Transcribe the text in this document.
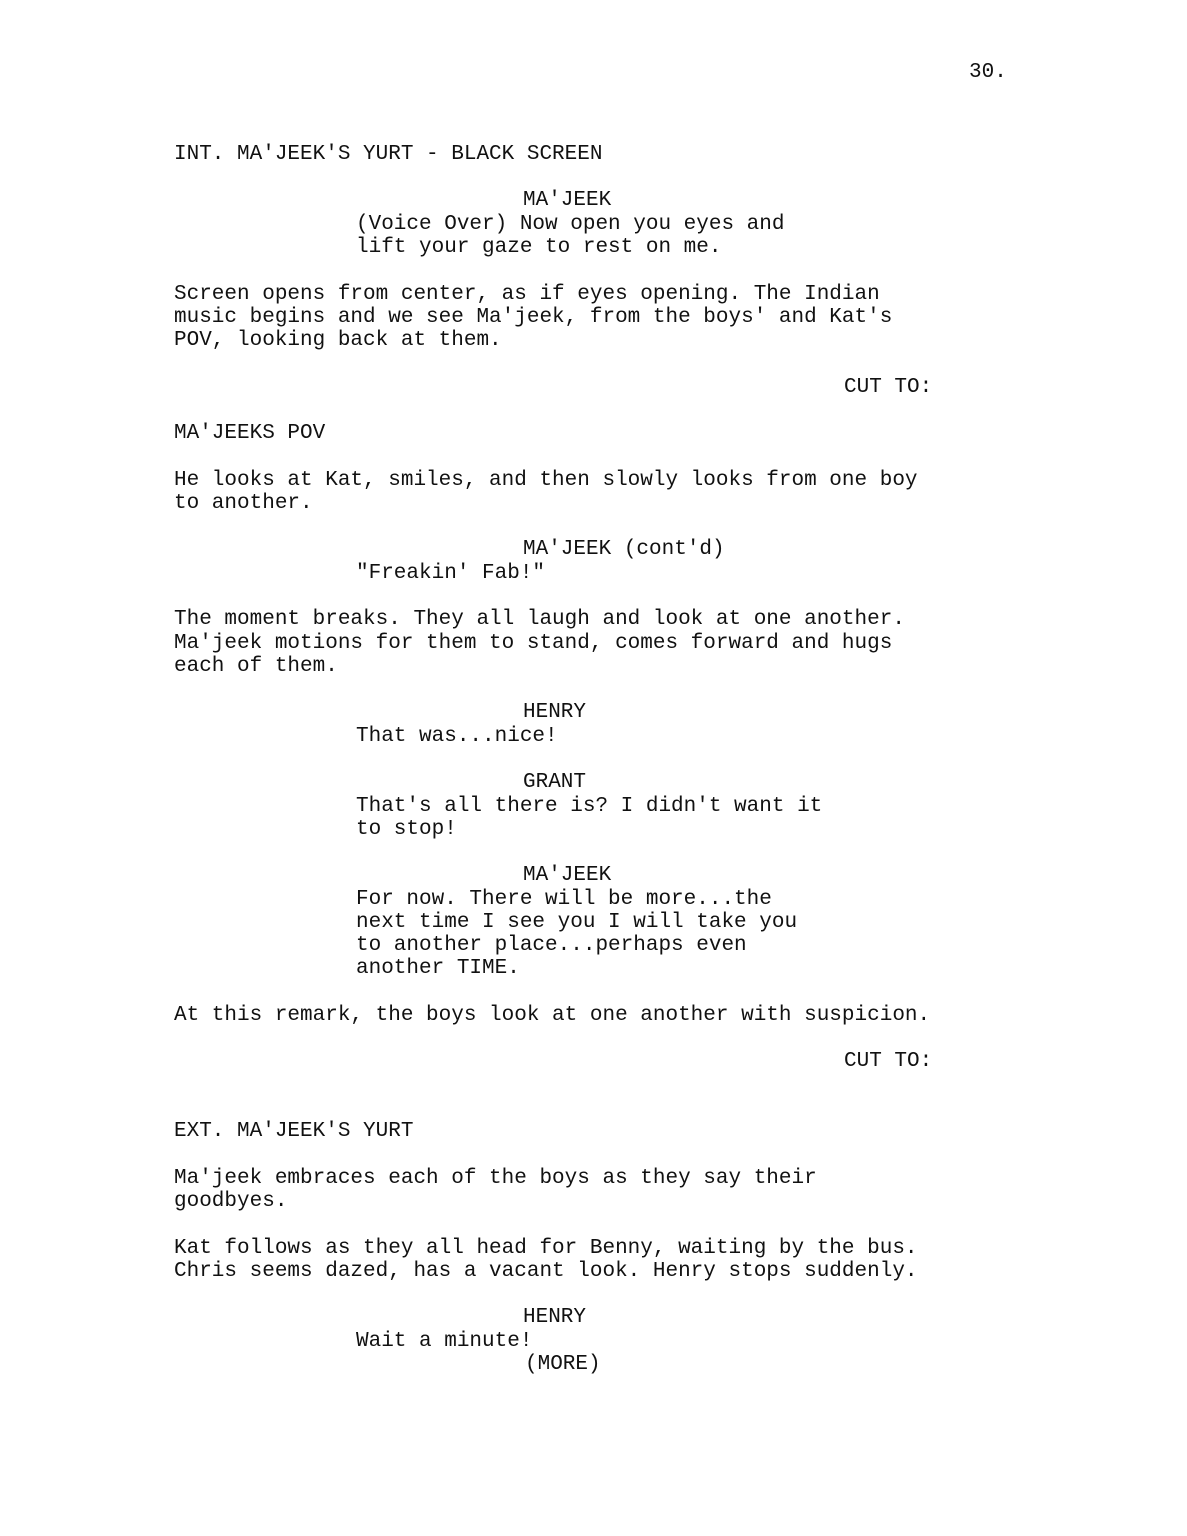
30.
INT. MA'JEEK'S YURT - BLACK SCREEN
MA'JEEK
(Voice Over) Now open you eyes and
lift your gaze to rest on me.
Screen opens from center, as if eyes opening. The Indian
music begins and we see Ma'jeek, from the boys' and Kat's
POV, looking back at them.
CUT TO:
MA'JEEKS POV
He looks at Kat, smiles, and then slowly looks from one boy
to another.
MA'JEEK (cont'd)
"Freakin' Fab!"
The moment breaks. They all laugh and look at one another.
Ma'jeek motions for them to stand, comes forward and hugs
each of them.
HENRY
That was...nice!
GRANT
That's all there is? I didn't want it
to stop!
MA'JEEK
For now. There will be more...the
next time I see you I will take you
to another place...perhaps even
another TIME.
At this remark, the boys look at one another with suspicion.
CUT TO:
EXT. MA'JEEK'S YURT
Ma'jeek embraces each of the boys as they say their
goodbyes.
Kat follows as they all head for Benny, waiting by the bus.
Chris seems dazed, has a vacant look. Henry stops suddenly.
HENRY
Wait a minute!
(MORE)
